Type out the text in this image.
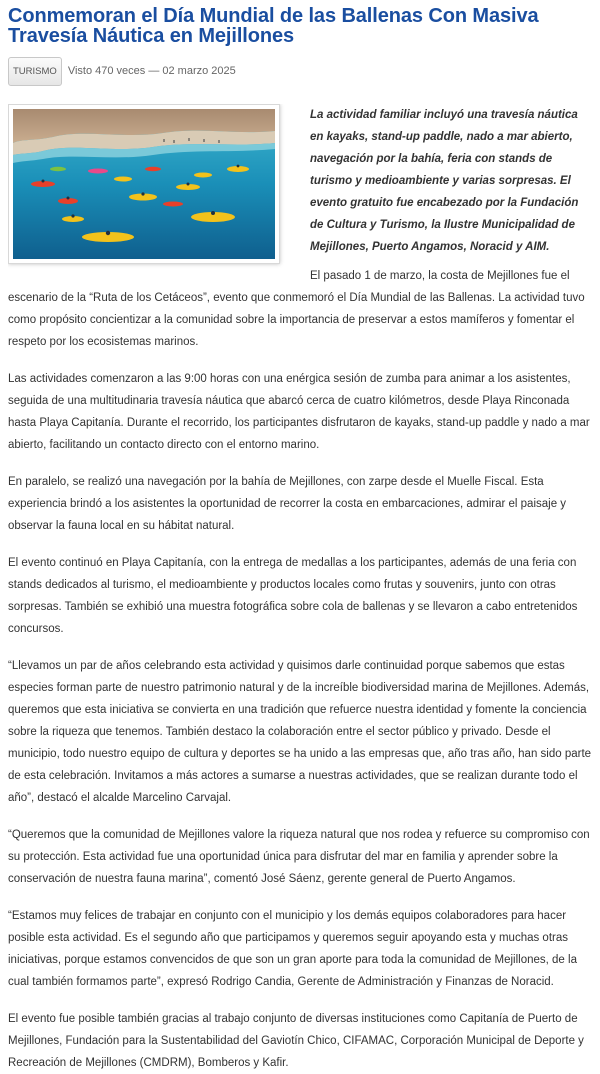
Conmemoran el Día Mundial de las Ballenas Con Masiva Travesía Náutica en Mejillones
TURISMO	Visto 470 veces — 02 marzo 2025

La actividad familiar incluyó una travesía náutica en kayaks, stand-up paddle, nado a mar abierto, navegación por la bahía, feria con stands de turismo y medioambiente y varias sorpresas. El evento gratuito fue encabezado por la Fundación de Cultura y Turismo, la Ilustre Municipalidad de Mejillones, Puerto Angamos, Noracid y AIM.

El pasado 1 de marzo, la costa de Mejillones fue el escenario de la “Ruta de los Cetáceos”, evento que conmemoró el Día Mundial de las Ballenas. La actividad tuvo como propósito concientizar a la comunidad sobre la importancia de preservar a estos mamíferos y fomentar el respeto por los ecosistemas marinos.

Las actividades comenzaron a las 9:00 horas con una enérgica sesión de zumba para animar a los asistentes, seguida de una multitudinaria travesía náutica que abarcó cerca de cuatro kilómetros, desde Playa Rinconada hasta Playa Capitanía. Durante el recorrido, los participantes disfrutaron de kayaks, stand-up paddle y nado a mar abierto, facilitando un contacto directo con el entorno marino.

En paralelo, se realizó una navegación por la bahía de Mejillones, con zarpe desde el Muelle Fiscal. Esta experiencia brindó a los asistentes la oportunidad de recorrer la costa en embarcaciones, admirar el paisaje y observar la fauna local en su hábitat natural.

El evento continuó en Playa Capitanía, con la entrega de medallas a los participantes, además de una feria con stands dedicados al turismo, el medioambiente y productos locales como frutas y souvenirs, junto con otras sorpresas. También se exhibió una muestra fotográfica sobre cola de ballenas y se llevaron a cabo entretenidos concursos.

“Llevamos un par de años celebrando esta actividad y quisimos darle continuidad porque sabemos que estas especies forman parte de nuestro patrimonio natural y de la increíble biodiversidad marina de Mejillones. Además, queremos que esta iniciativa se convierta en una tradición que refuerce nuestra identidad y fomente la conciencia sobre la riqueza que tenemos. También destaco la colaboración entre el sector público y privado. Desde el municipio, todo nuestro equipo de cultura y deportes se ha unido a las empresas que, año tras año, han sido parte de esta celebración. Invitamos a más actores a sumarse a nuestras actividades, que se realizan durante todo el año”, destacó el alcalde Marcelino Carvajal.

“Queremos que la comunidad de Mejillones valore la riqueza natural que nos rodea y refuerce su compromiso con su protección. Esta actividad fue una oportunidad única para disfrutar del mar en familia y aprender sobre la conservación de nuestra fauna marina”, comentó José Sáenz, gerente general de Puerto Angamos.

“Estamos muy felices de trabajar en conjunto con el municipio y los demás equipos colaboradores para hacer posible esta actividad. Es el segundo año que participamos y queremos seguir apoyando esta y muchas otras iniciativas, porque estamos convencidos de que son un gran aporte para toda la comunidad de Mejillones, de la cual también formamos parte”, expresó Rodrigo Candia, Gerente de Administración y Finanzas de Noracid.

El evento fue posible también gracias al trabajo conjunto de diversas instituciones como Capitanía de Puerto de Mejillones, Fundación para la Sustentabilidad del Gaviotín Chico, CIFAMAC, Corporación Municipal de Deporte y Recreación de Mejillones (CMDRM), Bomberos y Kafir.
